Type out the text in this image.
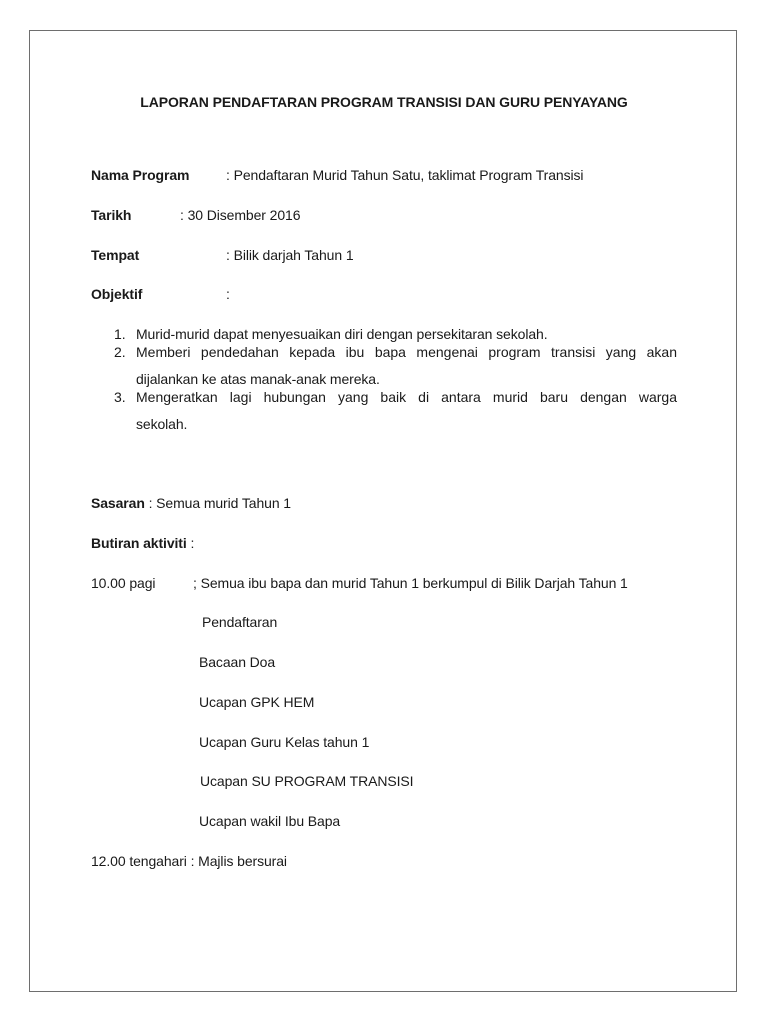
LAPORAN PENDAFTARAN PROGRAM TRANSISI DAN GURU PENYAYANG
Nama Program	: Pendaftaran Murid Tahun Satu, taklimat Program Transisi
Tarikh	: 30 Disember 2016
Tempat	: Bilik darjah Tahun 1
Objektif	:
1. Murid-murid dapat menyesuaikan diri dengan persekitaran sekolah.
2. Memberi pendedahan kepada ibu bapa mengenai program transisi yang akan
dijalankan ke atas manak-anak mereka.
3. Mengeratkan lagi hubungan yang baik di antara murid baru dengan warga
sekolah.
Sasaran : Semua murid Tahun 1
Butiran aktiviti :
10.00 pagi	; Semua ibu bapa dan murid Tahun 1 berkumpul di Bilik Darjah Tahun 1
Pendaftaran
Bacaan Doa
Ucapan GPK HEM
Ucapan Guru Kelas tahun 1
Ucapan SU PROGRAM TRANSISI
Ucapan wakil Ibu Bapa
12.00 tengahari : Majlis bersurai
